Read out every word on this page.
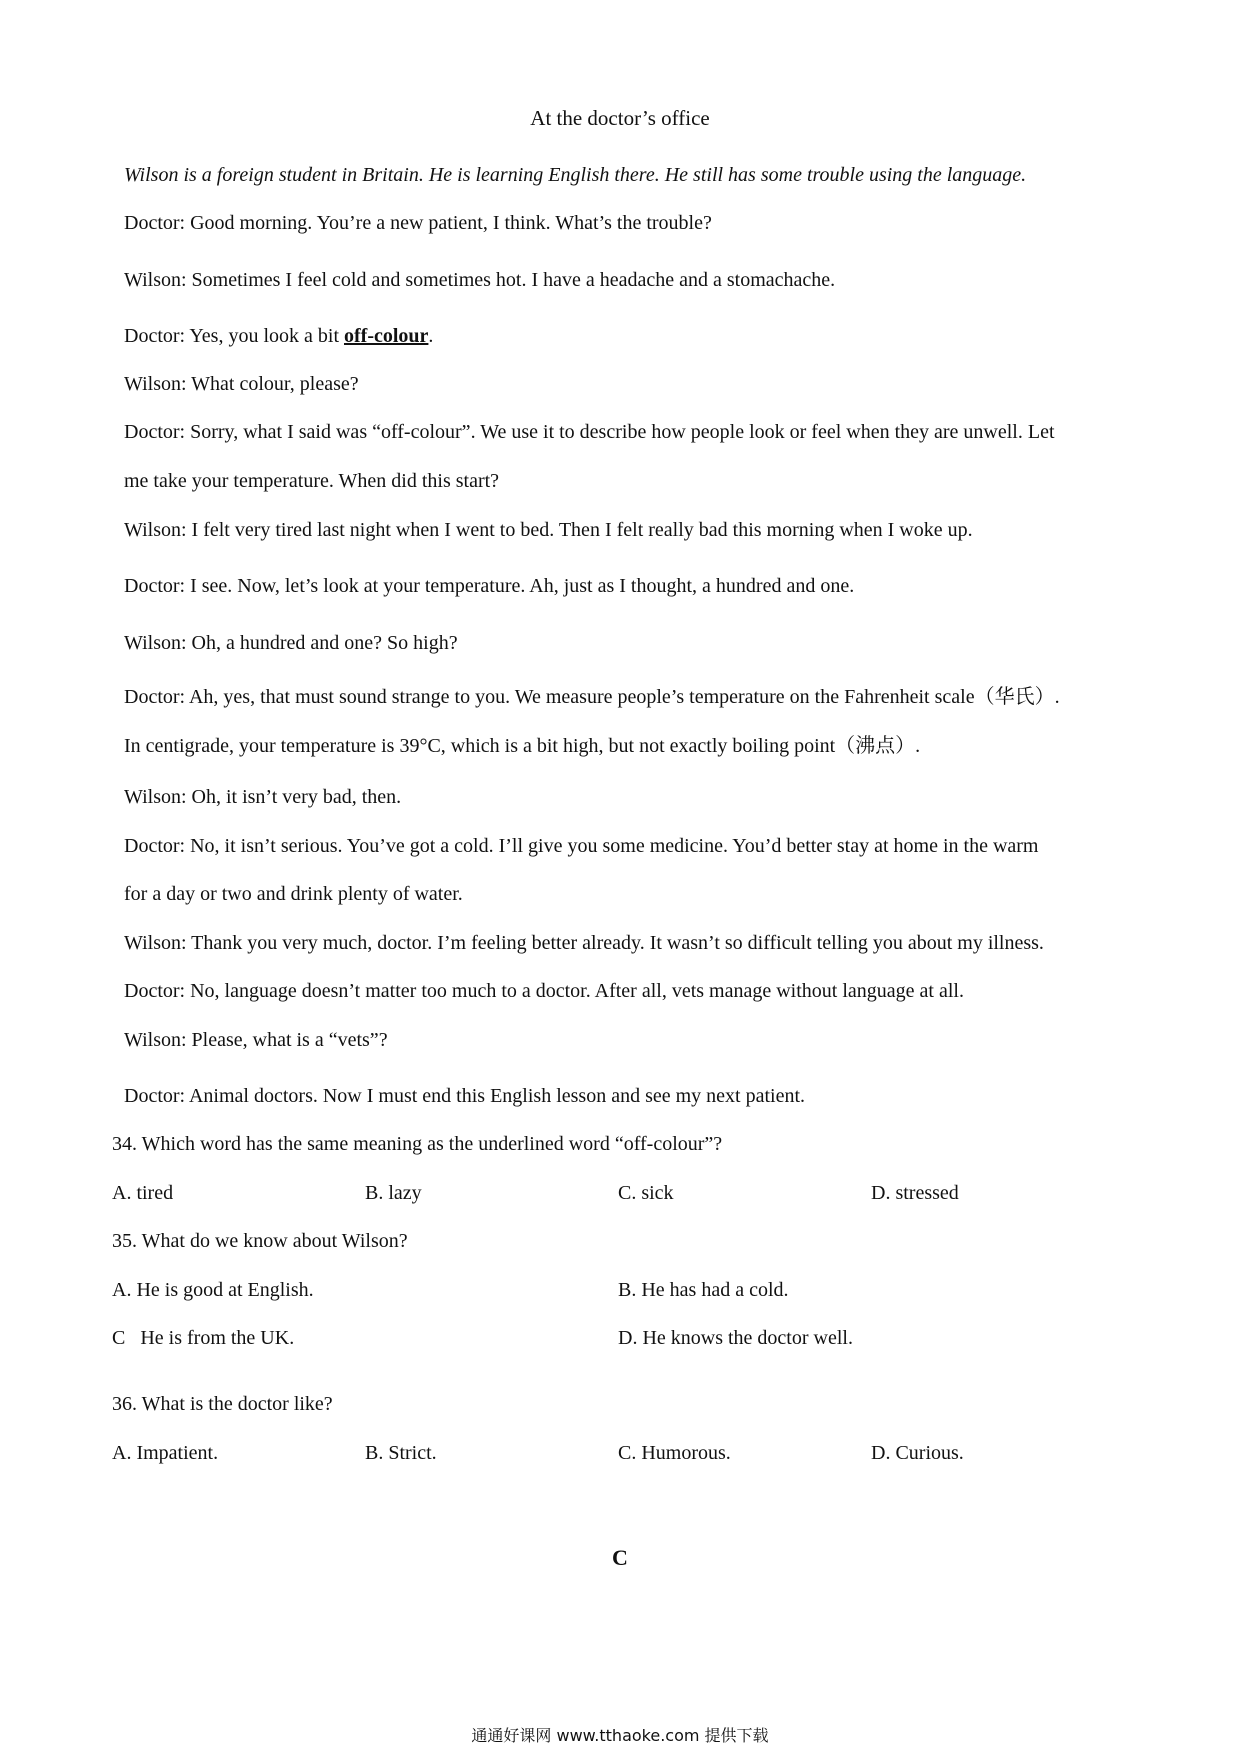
At the doctor’s office
Wilson is a foreign student in Britain. He is learning English there. He still has some trouble using the language.
Doctor: Good morning. You’re a new patient, I think. What’s the trouble?
Wilson: Sometimes I feel cold and sometimes hot. I have a headache and a stomachache.
Doctor: Yes, you look a bit off-colour.
Wilson: What colour, please?
Doctor: Sorry, what I said was “off-colour”. We use it to describe how people look or feel when they are unwell. Let
me take your temperature. When did this start?
Wilson: I felt very tired last night when I went to bed. Then I felt really bad this morning when I woke up.
Doctor: I see. Now, let’s look at your temperature. Ah, just as I thought, a hundred and one.
Wilson: Oh, a hundred and one? So high?
Doctor: Ah, yes, that must sound strange to you. We measure people’s temperature on the Fahrenheit scale（华氏）.
In centigrade, your temperature is 39°C, which is a bit high, but not exactly boiling point（沸点）.
Wilson: Oh, it isn’t very bad, then.
Doctor: No, it isn’t serious. You’ve got a cold. I’ll give you some medicine. You’d better stay at home in the warm
for a day or two and drink plenty of water.
Wilson: Thank you very much, doctor. I’m feeling better already. It wasn’t so difficult telling you about my illness.
Doctor: No, language doesn’t matter too much to a doctor. After all, vets manage without language at all.
Wilson: Please, what is a “vets”?
Doctor: Animal doctors. Now I must end this English lesson and see my next patient.
34. Which word has the same meaning as the underlined word “off-colour”?
A. tired	B. lazy	C. sick	D. stressed
35. What do we know about Wilson?
A. He is good at English.	B. He has had a cold.
C   He is from the UK.	D. He knows the doctor well.
36. What is the doctor like?
A. Impatient.	B. Strict.	C. Humorous.	D. Curious.
C
通通好课网 www.tthaoke.com 提供下载
